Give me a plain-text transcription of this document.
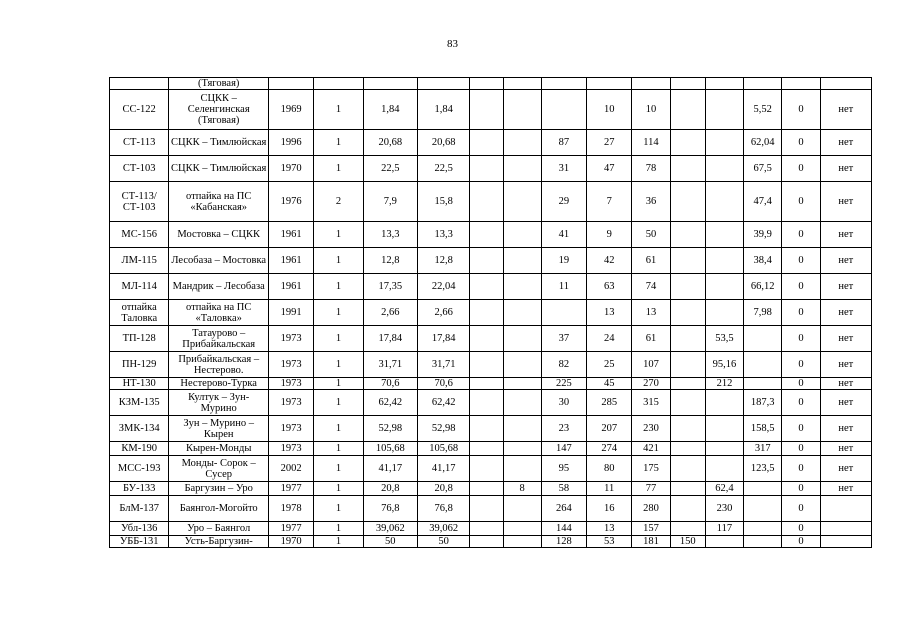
83
	(Тяговая)														
СС-122	СЦКК – Селенгинская (Тяговая)	1969	1	1,84	1,84				10	10			5,52	0	нет
СТ-113	СЦКК – Тимлюйская	1996	1	20,68	20,68			87	27	114			62,04	0	нет
СТ-103	СЦКК – Тимлюйская	1970	1	22,5	22,5			31	47	78			67,5	0	нет
СТ-113/СТ-103	отпайка на ПС «Кабанская»	1976	2	7,9	15,8			29	7	36			47,4	0	нет
МС-156	Мостовка – СЦКК	1961	1	13,3	13,3			41	9	50			39,9	0	нет
ЛМ-115	Лесобаза – Мостовка	1961	1	12,8	12,8			19	42	61			38,4	0	нет
МЛ-114	Мандрик – Лесобаза	1961	1	17,35	22,04			11	63	74			66,12	0	нет
отпайка Таловка	отпайка на ПС «Таловка»	1991	1	2,66	2,66				13	13			7,98	0	нет
ТП-128	Татаурово – Прибайкальская	1973	1	17,84	17,84			37	24	61		53,5		0	нет
ПН-129	Прибайкальская – Нестерово.	1973	1	31,71	31,71			82	25	107		95,16		0	нет
НТ-130	Нестерово-Турка	1973	1	70,6	70,6			225	45	270		212		0	нет
КЗМ-135	Култук – Зун-Мурино	1973	1	62,42	62,42			30	285	315			187,3	0	нет
ЗМК-134	Зун – Мурино – Кырен	1973	1	52,98	52,98			23	207	230			158,5	0	нет
КМ-190	Кырен-Монды	1973	1	105,68	105,68			147	274	421			317	0	нет
МСС-193	Монды- Сорок – Сусер	2002	1	41,17	41,17			95	80	175			123,5	0	нет
БУ-133	Баргузин – Уро	1977	1	20,8	20,8		8	58	11	77		62,4		0	нет
БлМ-137	Баянгол-Могойто	1978	1	76,8	76,8			264	16	280		230		0	
Убл-136	Уро – Баянгол	1977	1	39,062	39,062			144	13	157		117		0	
УББ-131	Усть-Баргузин-	1970	1	50	50			128	53	181	150			0	
